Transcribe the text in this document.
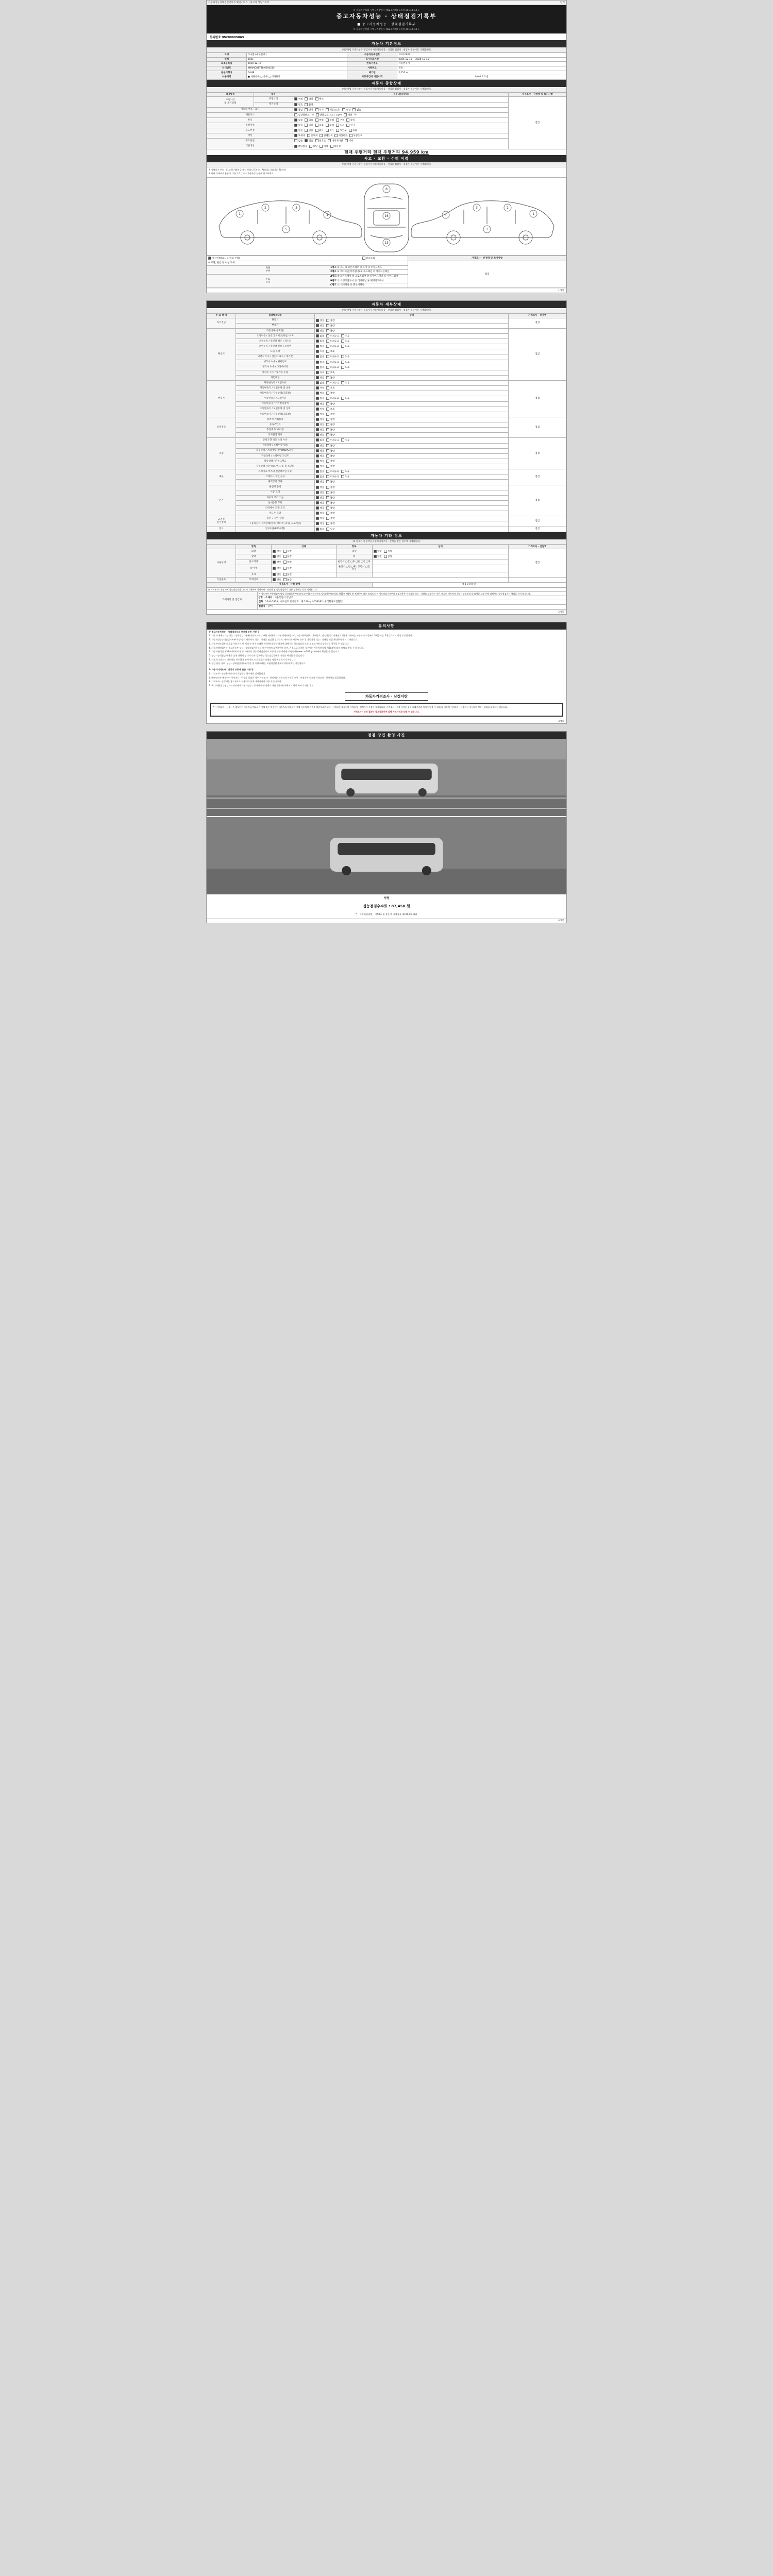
자동차성능상태점검기록부 확인서비스 | 중고차 성능기록부	닫기
※ 자동차관리법 시행규칙 [별지 제82호서식] <개정 2019.6.14.>
중고자동차성능 · 상태점검기록부
■ 중고자동차성능 · 상태점검기록부
※ 자동차관리법 시행규칙 [별지 제82호서식] <개정 2019.6.14.>
등록번호 95200895063
자동차 기본정보
(자동차법 기준사항은 점검자가 자동차등록증 · 산업용 점검사 · 점검자 경우에만 기재합니다)
차명	카니발 (세부설명 )	자동차등록번호	14허 0612
연식	2021	검사유효기간	2026-12-16 ~ 2026-12-15
최초등록일	2020-12-16	변속기종류	자동변속기
차대번호	KNAMC81TBBMS00515	사용연료	경유
원동기형식	D4HB	배기량	2,151 cc
사용이력	■ 사용유무 □ 유무 □ 비사용차	자동차검사 기준이력	0 0 0 0 0 번
자동차 종합상태
(자동차법 기준사항은 점검자가 자동차등록증 · 산업용 점검사 · 점검자 경우에만 기재합니다)
점검항목	내용	점검내용(상태)	가격조사 · 산정액 및 특기사항
주행거리
및 계기상태	주행거리	적정 과다 축소	점검
	계기상태	양호 불량	
자동차 번호 · 표기		동일 상이 부식 훼손(오손) 변경 없음	
배출가스		일산화탄소 % 탄화수소(H.C) ppm 매연 %	
튜닝		없음 있음 적법 불법 구조 장치	
특별이력		없음 있음 침수 화재 전손 도난	
용도변경		없음 있음 렌트 리스 영업용 관용	
색상		무채색 유채색 전체도색 색상변경 부분도색	
주요옵션		없음 있음 선루프 내비게이션 기타	
리콜대상		해당없음 해당 이행 미이행	
현재 주행거리 현재 주행거리 94,959 km
사고 · 교환 · 수리 이력
(자동차법 기준사항은 점검자가 자동차등록증 · 산업용 점검사 · 점검자 경우에만 기재합니다)

※ 상태표시 부호 : X(교환), W(판금 또는 용접), C(부식), A(흠집), U(요철), T(손상)

※ 하단 상태표시 용품의 기준(기호), 기타 차량특성 설명에 참고하세요

1
2	3
4
5
8
13
16
1
2
3
4
7
사고이력(유사고 여부 포함)	단순수리	가격조사 · 산정액 및 특기사항
※ 교환, 판금 등 이상 부위		점검
외판
부위	1랭크 ① 후드 ② 프론트휀더 ③ 도어 ④ 트렁크리드	
	2랭크 ⑤ 쿼터패널(리어휀더) ⑥ 루프패널 ⑦ 사이드실패널	
주요
골격	A랭크 ⑧ 프론트패널 ⑨ 크로스멤버 ⑩ 인사이드패널 ⑪ 사이드멤버	
	B랭크 ⑫ 트렁크플로어 ⑬ 리어패널 ⑭ 패키지트레이	
	C랭크 ⑮ 대시패널 ⑯ 플로어패널	
1/4쪽
자동차 세부상태
(자동차법 기준사항은 점검자가 자동차등록증 · 산업용 점검사 · 점검자 경우에만 기재합니다)
주 요 장 치	점검항목내용	상태	가격조사 · 산정액
자기진단	원동기	양호 불량	점검
	변속기	양호 불량	
원동기	작동상태(공회전)	양호 불량	점검
	오일누유 / 실린더 커버(로커암) 커버	없음 미세누유 누유	
	오일누유 / 실린더 헤드 / 개스킷	없음 미세누유 누유	
	오일누유 / 실린더 블록 / 오일팬	없음 미세누유 누유	
	오일 유량	적정 부족	
	냉각수 누수 / 실린더 헤드 / 개스킷	없음 미세누수 누수	
	냉각수 누수 / 워터펌프	없음 미세누수 누수	
	냉각수 누수 / 라디에이터	없음 미세누수 누수	
	냉각수 누수 / 냉각수 수량	적정 부족	
	커먼레일	양호 불량	
변속기	자동변속기 / 오일누유	없음 미세누유 누유	점검
	자동변속기 / 오일유량 및 상태	적정 부족	
	자동변속기 / 작동상태(공회전)	양호 불량	
	수동변속기 / 오일누유	없음 미세누유 누유	
	수동변속기 / 기어변속장치	양호 불량	
	수동변속기 / 오일유량 및 상태	적정 부족	
	수동변속기 / 작동상태(공회전)	양호 불량	
동력전달	클러치 어셈블리	양호 불량	점검
	등속조인트	양호 불량	
	추진축 및 베어링	양호 불량	
	디퍼렌셜 기어	양호 불량	
조향	동력조향 작동 오일 누유	없음 미세누유 누유	점검
	작동상태 / 스티어링 펌프	양호 불량	
	작동상태 / 스티어링 기어(MDPS포함)	양호 불량	
	작동상태 / 스티어링 조인트	양호 불량	
	작동상태 / 파워크랭크	양호 불량	
	작동상태 / 타이로드엔드 및 볼 조인트	양호 불량	
제동	브레이크 마스터 실린더오일 누유	없음 미세누유 누유	점검
	브레이크 오일 누유	없음 미세누유 누유	
	배력장치 상태	양호 불량	
전기	발전기 출력	양호 불량	점검
	시동 모터	양호 불량	
	와이퍼 모터 기능	양호 불량	
	실내송풍 모터	양호 불량	
	라디에이터 팬 모터	양호 불량	
	윈도우 모터	양호 불량	
고전원
전기장치	충전구 절연 상태	양호 불량	점검
	구동축전지 격리상태(밀폐, 배터리, 파워, 도로기준)	양호 불량	
연료	연료누출(LPG포함)	없음 있음	점검
자동차 기타 정보
(※ 항목은 통상적인 자동차가격조사 · 산정을 받는 경우에 기재합니다)
	항목	상태	항목	상태	가격조사 · 산정액
사용상태	외장	양호 불량	내장	양호 불량	점검
	광택	양호 불량	휠	양호 불량	
	룸크리닝	양호 불량	운전석 □전 □후 □운 □전 □후		
	타이어	양호 불량	운전석 □전 □후 / 동반석 □전 □후		
	유리	양호 불량			
기본품목	브레이크	양호 불량			
가격조사 · 산정 합계				0 0 0 0 0 원	
※ 가격조사 · 산정자에 성능점검자와 다르게 기재하여 가격조사 · 산정자 및 성능점검자가 다른 경우에는 각각 기재합니다.
특기사항 및 점검자	본 성능조사 부분점검의 당일 상품(설명/판매자/보증이행) 자동차인도 당일(자동차관리법 제58조 제1항 및 제2항)에 따른 점검으로 본 성능점검기록부의 점검내용은 자동차의 성능 · 상태를 보증하는 것은 아니며, 자동차의 성능 · 상태점검 후 발생한 고장 등에 대해서는 성능점검자가 책임을 지지 않습니다.
상호 · 소재지 : 서울특별시 강남구
전화 : 1544-5978 / 대표번호 등록번호 : 제 140-선1-659192 (주식회사보험협회)
점검자 : 김*식
2/4쪽
유의사항

※ 중고자동차성능 · 상태점검자의 보증에 관한 사항 등

1. 자동차 매매업자는 성능 · 상태점검기록부(자동차 · 산업 부분 제외)에 기재된 사항(주행거리, 자동차등록번호, 차대번호, 변속기종류, 사용연료 등)에 대해서는 자동차 인도일부터 30일 이상, 2천킬로미터 이상 보증합니다.

2. 자동차성능상태점검기록부 작성 당시 자동차의 성능 · 상태를 점검한 결과로서, 매수인은 자동차 인수 후 자동차의 성능 · 상태를 직접 확인하여 주시기 바랍니다.

3. 자동차인도일부터 보증기간(기간 및 거리 중 먼저 도래한 것)내에 발생한 하자에 대해서는 성능점검자 또는 보험회사에 보증수리를 청구할 수 있습니다.

4. 자동차매매업자는 중고자동차 성능 · 상태점검기록부를 매수인에게 교부하여야 하며, 거짓으로 기재한 경우에는 자동차관리법 제58조에 따라 처벌을 받을 수 있습니다.

5. 자동차관리법 제58조의4에 따른 중고자동차 성능상태점검자의 보증에 관한 사항은 보험회사(www.car365.go.kr)에서 확인할 수 있습니다.

6. 성능 · 상태점검 내용과 실제 차량의 상태가 다른 경우에는 성능점검자에게 이의를 제기할 수 있습니다.

7. 자동차 소유자는 자동차를 인수하기 전에 반드시 자동차의 상태를 직접 확인하시기 바랍니다.

8. 점검 관련 자료 (성능 · 상태점검기록부 발급 및 이력조회)는 보험개발원 홈페이지에서 확인 가능합니다.

※ 자동차가격조사 · 산정의 보증에 관한 사항 등

1. 가격조사 · 산정은 매수인이 요청하는 경우에만 실시합니다.

2. 매매업자가 매수인이 가격조사 · 산정을 의뢰한 경우 가격조사 · 산정자는 자동차의 가격을 조사 · 산정하여 중고차 가격조사 · 산정서를 발급합니다.

3. 가격조사 · 산정액은 참고자료로 사용되며 실제 거래가격과 다를 수 있습니다.

4. 특기사항(성능점검자 · 산정자의 자동차성능 · 상태에 대한 견해가 다른 경우)에 대해서도 확인 하시기 바랍니다.

자동차가격조사 · 산정이란
* 「가격조사 · 산정」은 매도인이 자동차를 매도하기 전에 또는 매수인이 자동차를 매수하기 전에 자동차의 가격을 객관적으로 조사 · 산정하는 제도이며 가격조사 · 산정자가 산정한 가격입니다. 가격조사 · 산정 가격은 실제 거래가격과 차이가 있을 수 있으며, 자동차 가격조사 · 산정자는 자동차의 성능 · 상태를 보증하지 않습니다.
가격조사 · 산정 결과는 참고자료이며 실제 거래가격과 다를 수 있습니다.
3/4쪽
점검 장면 촬영 사진
서명
성능점검수수료 : 87,450 원
* 「자동차관리법」 제58조 및 같은 법 시행규칙 제120조에 따라
4/4쪽
